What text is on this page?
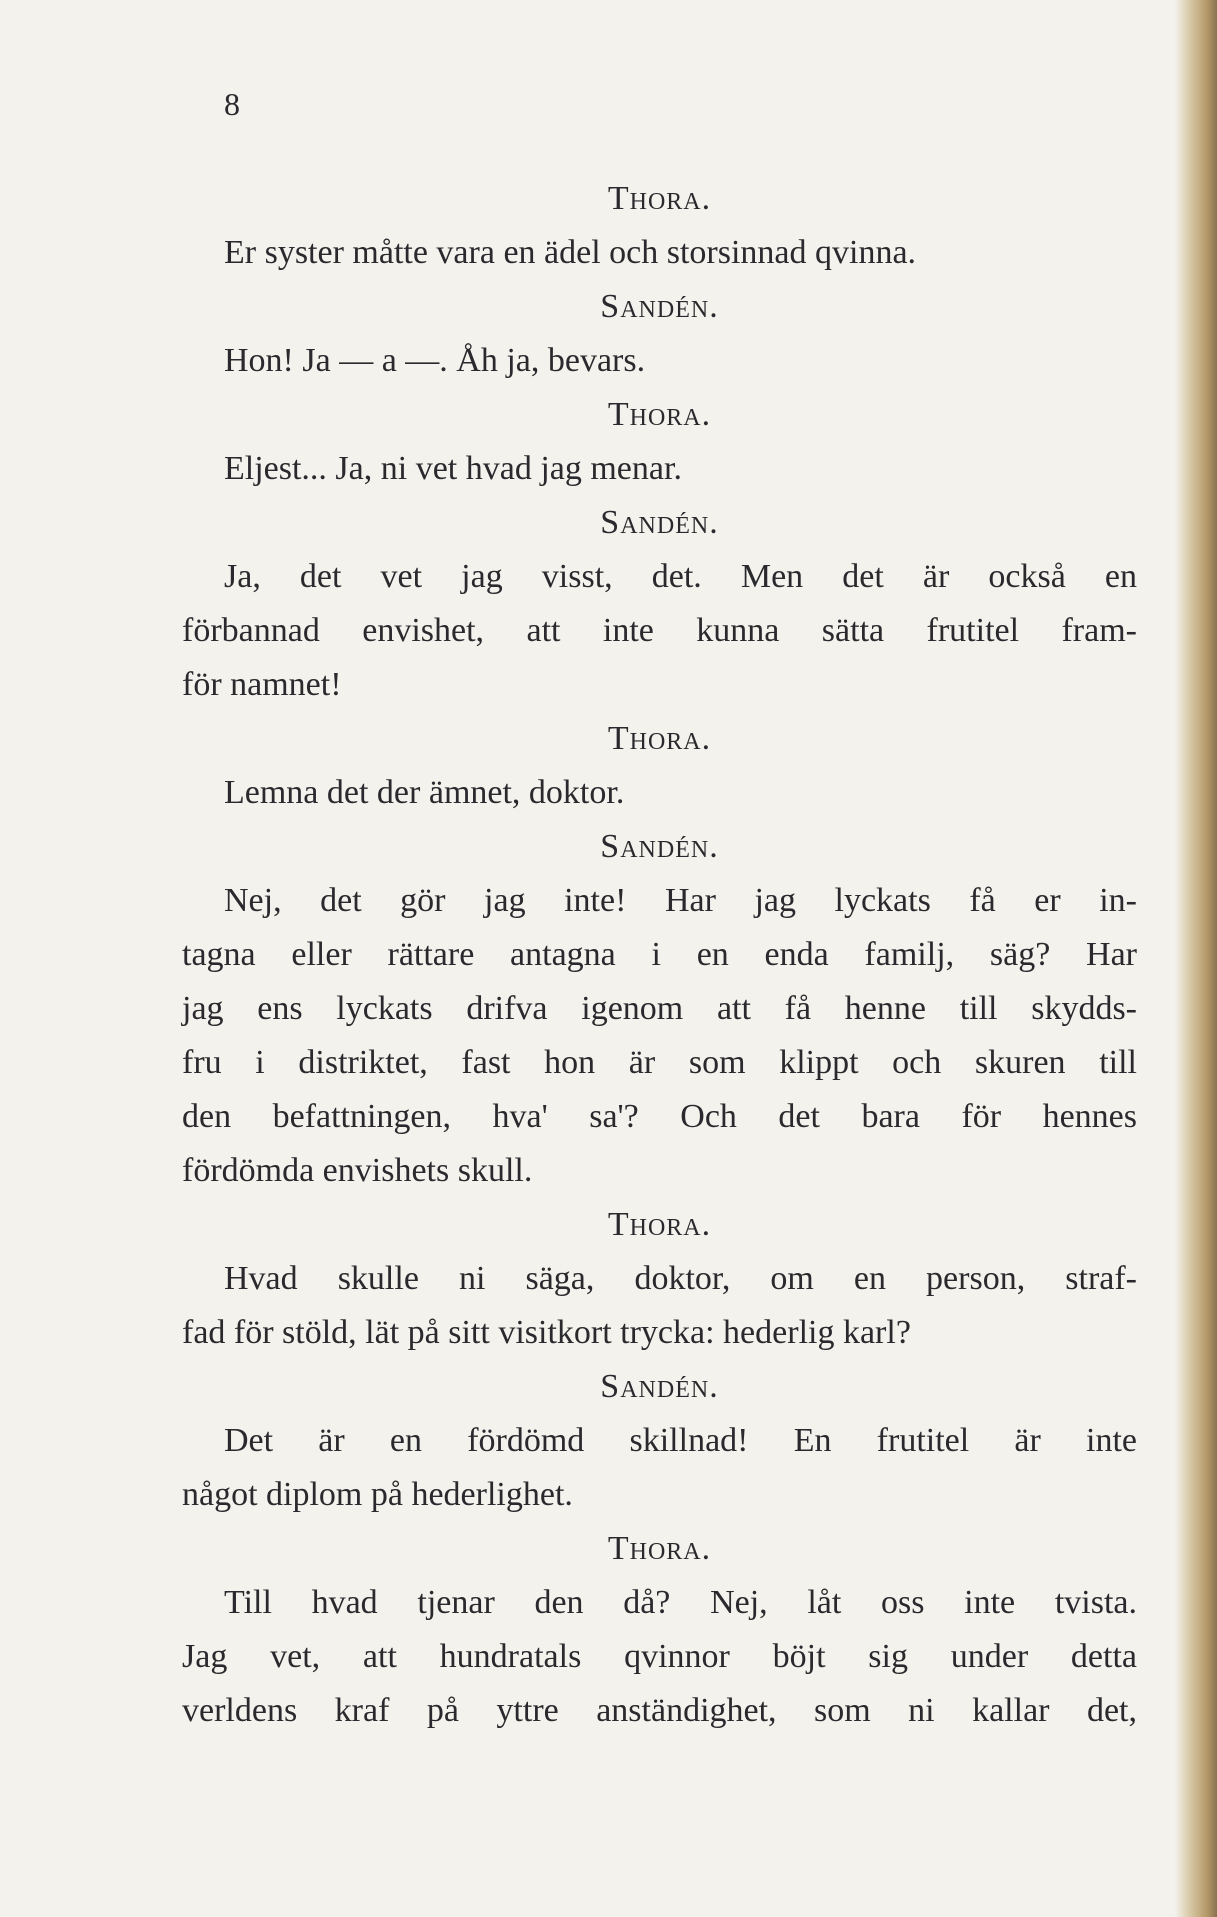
8
Thora.
Er syster måtte vara en ädel och storsinnad qvinna.
Sandén.
Hon! Ja — a —. Åh ja, bevars.
Thora.
Eljest... Ja, ni vet hvad jag menar.
Sandén.
Ja, det vet jag visst, det. Men det är också en
förbannad envishet, att inte kunna sätta frutitel fram-
för namnet!
Thora.
Lemna det der ämnet, doktor.
Sandén.
Nej, det gör jag inte! Har jag lyckats få er in-
tagna eller rättare antagna i en enda familj, säg? Har
jag ens lyckats drifva igenom att få henne till skydds-
fru i distriktet, fast hon är som klippt och skuren till
den befattningen, hva' sa'? Och det bara för hennes
fördömda envishets skull.
Thora.
Hvad skulle ni säga, doktor, om en person, straf-
fad för stöld, lät på sitt visitkort trycka: hederlig karl?
Sandén.
Det är en fördömd skillnad! En frutitel är inte
något diplom på hederlighet.
Thora.
Till hvad tjenar den då? Nej, låt oss inte tvista.
Jag vet, att hundratals qvinnor böjt sig under detta
verldens kraf på yttre anständighet, som ni kallar det,
